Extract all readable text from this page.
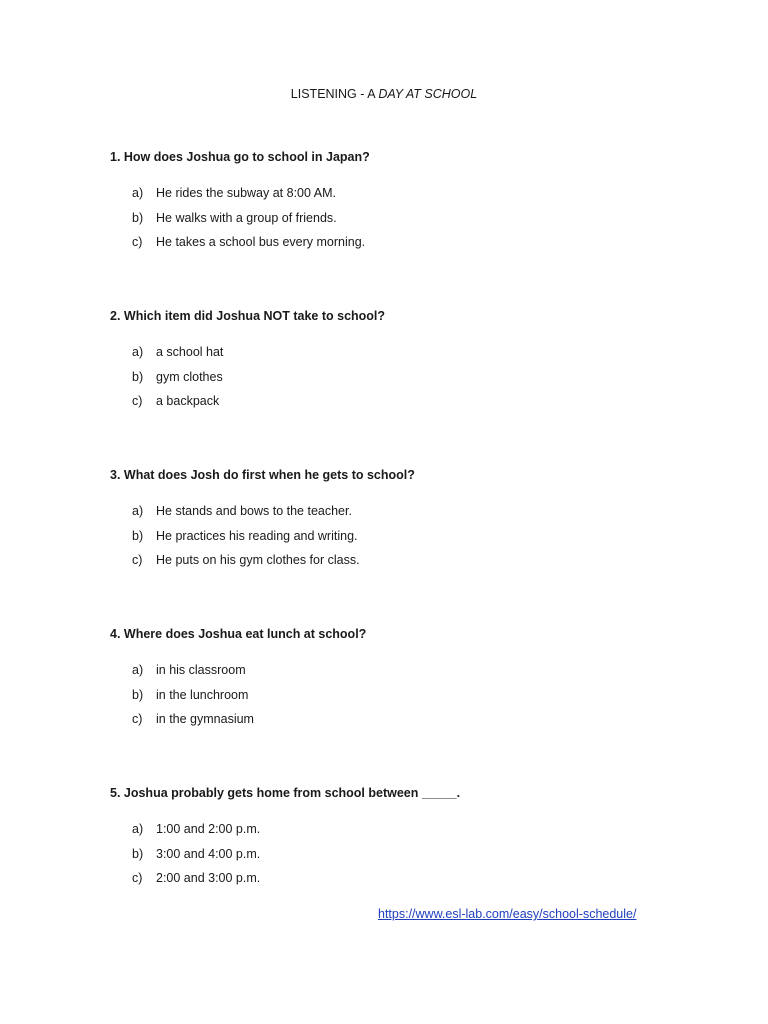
LISTENING - A DAY AT SCHOOL
1. How does Joshua go to school in Japan?
a) He rides the subway at 8:00 AM.
b) He walks with a group of friends.
c) He takes a school bus every morning.
2. Which item did Joshua NOT take to school?
a) a school hat
b) gym clothes
c) a backpack
3. What does Josh do first when he gets to school?
a) He stands and bows to the teacher.
b) He practices his reading and writing.
c) He puts on his gym clothes for class.
4. Where does Joshua eat lunch at school?
a) in his classroom
b) in the lunchroom
c) in the gymnasium
5. Joshua probably gets home from school between _____.
a) 1:00 and 2:00 p.m.
b) 3:00 and 4:00 p.m.
c) 2:00 and 3:00 p.m.
https://www.esl-lab.com/easy/school-schedule/
